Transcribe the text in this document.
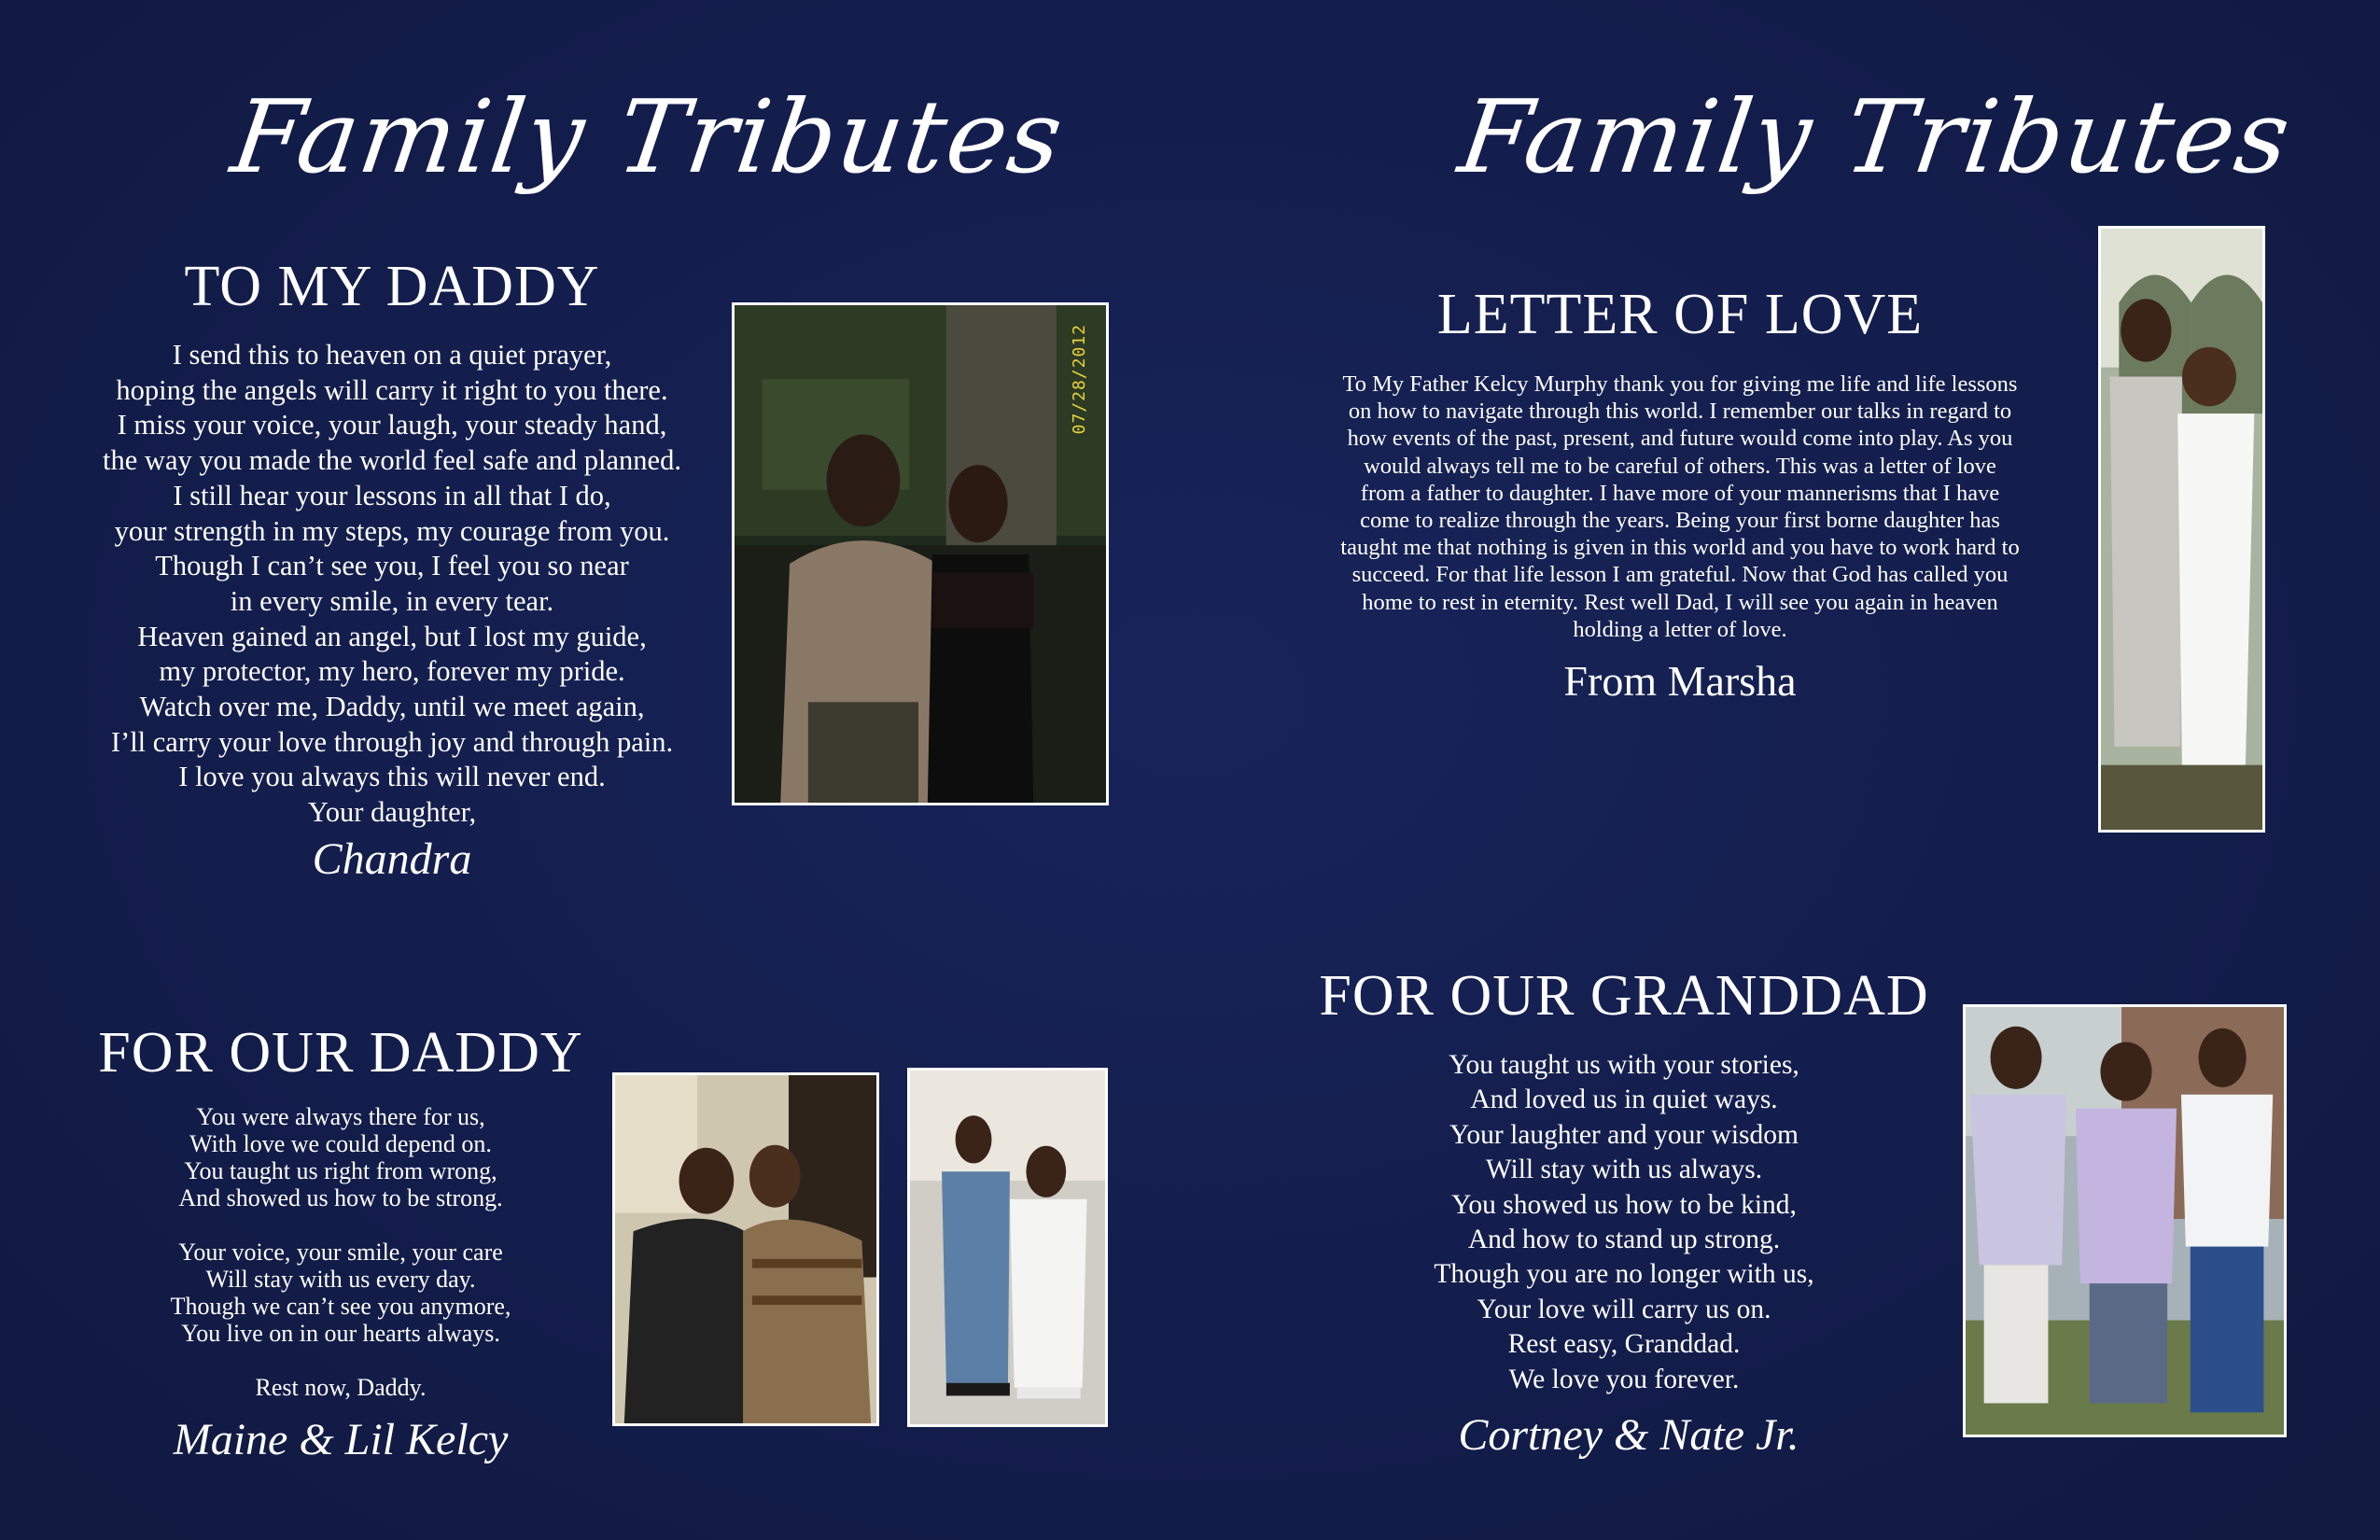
Family Tributes
TO MY DADDY
I send this to heaven on a quiet prayer,
hoping the angels will carry it right to you there.
I miss your voice, your laugh, your steady hand,
the way you made the world feel safe and planned.
I still hear your lessons in all that I do,
your strength in my steps, my courage from you.
Though I can’t see you, I feel you so near
in every smile, in every tear.
Heaven gained an angel, but I lost my guide,
my protector, my hero, forever my pride.
Watch over me, Daddy, until we meet again,
I’ll carry your love through joy and through pain.
I love you always this will never end.
Your daughter,
Chandra
07/28/2012
FOR OUR DADDY
You were always there for us,
With love we could depend on.
You taught us right from wrong,
And showed us how to be strong.

Your voice, your smile, your care
Will stay with us every day.
Though we can’t see you anymore,
You live on in our hearts always.

Rest now, Daddy.
Maine & Lil Kelcy
Family Tributes
LETTER OF LOVE
To My Father Kelcy Murphy thank you for giving me life and life lessons
on how to navigate through this world. I remember our talks in regard to
how events of the past, present, and future would come into play. As you
would always tell me to be careful of others. This was a letter of love
from a father to daughter. I have more of your mannerisms that I have
come to realize through the years. Being your first borne daughter has
taught me that nothing is given in this world and you have to work hard to
succeed. For that life lesson I am grateful. Now that God has called you
home to rest in eternity. Rest well Dad, I will see you again in heaven
holding a letter of love.
From Marsha
FOR OUR GRANDDAD
You taught us with your stories,
And loved us in quiet ways.
Your laughter and your wisdom
Will stay with us always.
You showed us how to be kind,
And how to stand up strong.
Though you are no longer with us,
Your love will carry us on.
Rest easy, Granddad.
We love you forever.
Cortney & Nate Jr.
